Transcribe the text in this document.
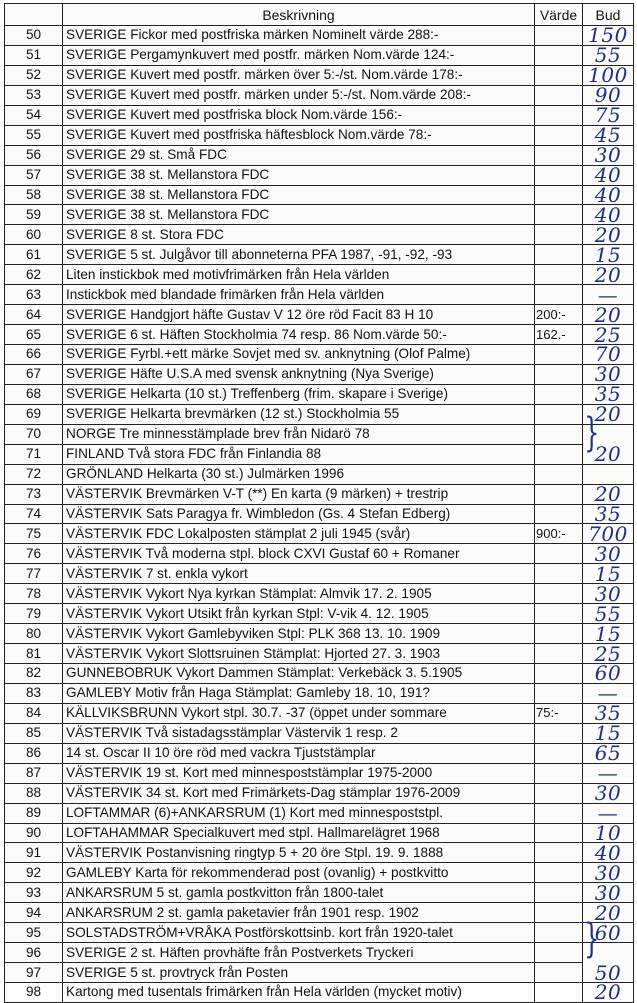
	Beskrivning	Värde	Bud
50	SVERIGE Fickor med postfriska märken Nominelt värde 288:-		150
51	SVERIGE Pergamynkuvert med postfr. märken Nom.värde 124:-		55
52	SVERIGE Kuvert med postfr. märken över 5:-/st. Nom.värde 178:-		100
53	SVERIGE Kuvert med postfr. märken under 5:-/st. Nom.värde 208:-		90
54	SVERIGE Kuvert med postfriska block Nom.värde 156:-		75
55	SVERIGE Kuvert med postfriska häftesblock Nom.värde 78:-		45
56	SVERIGE 29 st. Små FDC		30
57	SVERIGE 38 st. Mellanstora FDC		40
58	SVERIGE 38 st. Mellanstora FDC		40
59	SVERIGE 38 st. Mellanstora FDC		40
60	SVERIGE 8 st. Stora FDC		20
61	SVERIGE 5 st. Julgåvor till abonneterna PFA 1987, -91, -92, -93		15
62	Liten instickbok med motivfrimärken från Hela världen		20
63	Instickbok med blandade frimärken från Hela världen		—
64	SVERIGE Handgjort häfte Gustav V 12 öre röd Facit 83 H 10	200:-	20
65	SVERIGE 6 st. Häften Stockholmia 74 resp. 86 Nom.värde 50:-	162.-	25
66	SVERIGE Fyrbl.+ett märke Sovjet med sv. anknytning (Olof Palme)		70
67	SVERIGE Häfte U.S.A med svensk anknytning (Nya Sverige)		30
68	SVERIGE Helkarta (10 st.) Treffenberg (frim. skapare i Sverige)		35
69	SVERIGE Helkarta brevmärken (12 st.) Stockholmia 55		20
70	NORGE Tre minnesstämplade brev från Nidarö 78		
71	FINLAND Två stora FDC från Finlandia 88		20
72	GRÖNLAND Helkarta (30 st.) Julmärken 1996		
73	VÄSTERVIK Brevmärken V-T (**) En karta (9 märken) + trestrip		20
74	VÄSTERVIK Sats Paragya fr. Wimbledon (Gs. 4 Stefan Edberg)		35
75	VÄSTERVIK FDC Lokalposten stämplat 2 juli 1945 (svår)	900:-	700
76	VÄSTERVIK Två moderna stpl. block CXVI Gustaf 60 + Romaner		30
77	VÄSTERVIK 7 st. enkla vykort		15
78	VÄSTERVIK Vykort Nya kyrkan Stämplat: Almvik 17. 2. 1905		30
79	VÄSTERVIK Vykort Utsikt från kyrkan Stpl: V-vik 4. 12. 1905		55
80	VÄSTERVIK Vykort Gamlebyviken Stpl: PLK 368 13. 10. 1909		15
81	VÄSTERVIK Vykort Slottsruinen Stämplat: Hjorted 27. 3. 1903		25
82	GUNNEBOBRUK Vykort Dammen Stämplat: Verkebäck 3. 5.1905		60
83	GAMLEBY Motiv från Haga Stämplat: Gamleby 18. 10, 191?		—
84	KÄLLVIKSBRUNN Vykort stpl. 30.7. -37 (öppet under sommare	75:-	35
85	VÄSTERVIK Två sistadagsstämplar Västervik 1 resp. 2		15
86	14 st. Oscar II 10 öre röd med vackra Tjuststämplar		65
87	VÄSTERVIK 19 st. Kort med minnespoststämplar 1975-2000		—
88	VÄSTERVIK 34 st. Kort med Frimärkets-Dag stämplar 1976-2009		30
89	LOFTAMMAR (6)+ANKARSRUM (1) Kort med minnespoststpl.		—
90	LOFTAHAMMAR Specialkuvert med stpl. Hallmarelägret 1968		10
91	VÄSTERVIK Postanvisning ringtyp 5 + 20 öre Stpl. 19. 9. 1888		40
92	GAMLEBY Karta för rekommenderad post (ovanlig) + postkvitto		30
93	ANKARSRUM 5 st. gamla postkvitton från 1800-talet		30
94	ANKARSRUM 2 st. gamla paketavier från 1901 resp. 1902		20
95	SOLSTADSTRÖM+VRÅKA Postförskottsinb. kort från 1920-talet		60
96	SVERIGE 2 st. Häften provhäfte från Postverkets Tryckeri		
97	SVERIGE 5 st. provtryck från Posten		50
98	Kartong med tusentals frimärken från Hela världen (mycket motiv)		20
}
}
